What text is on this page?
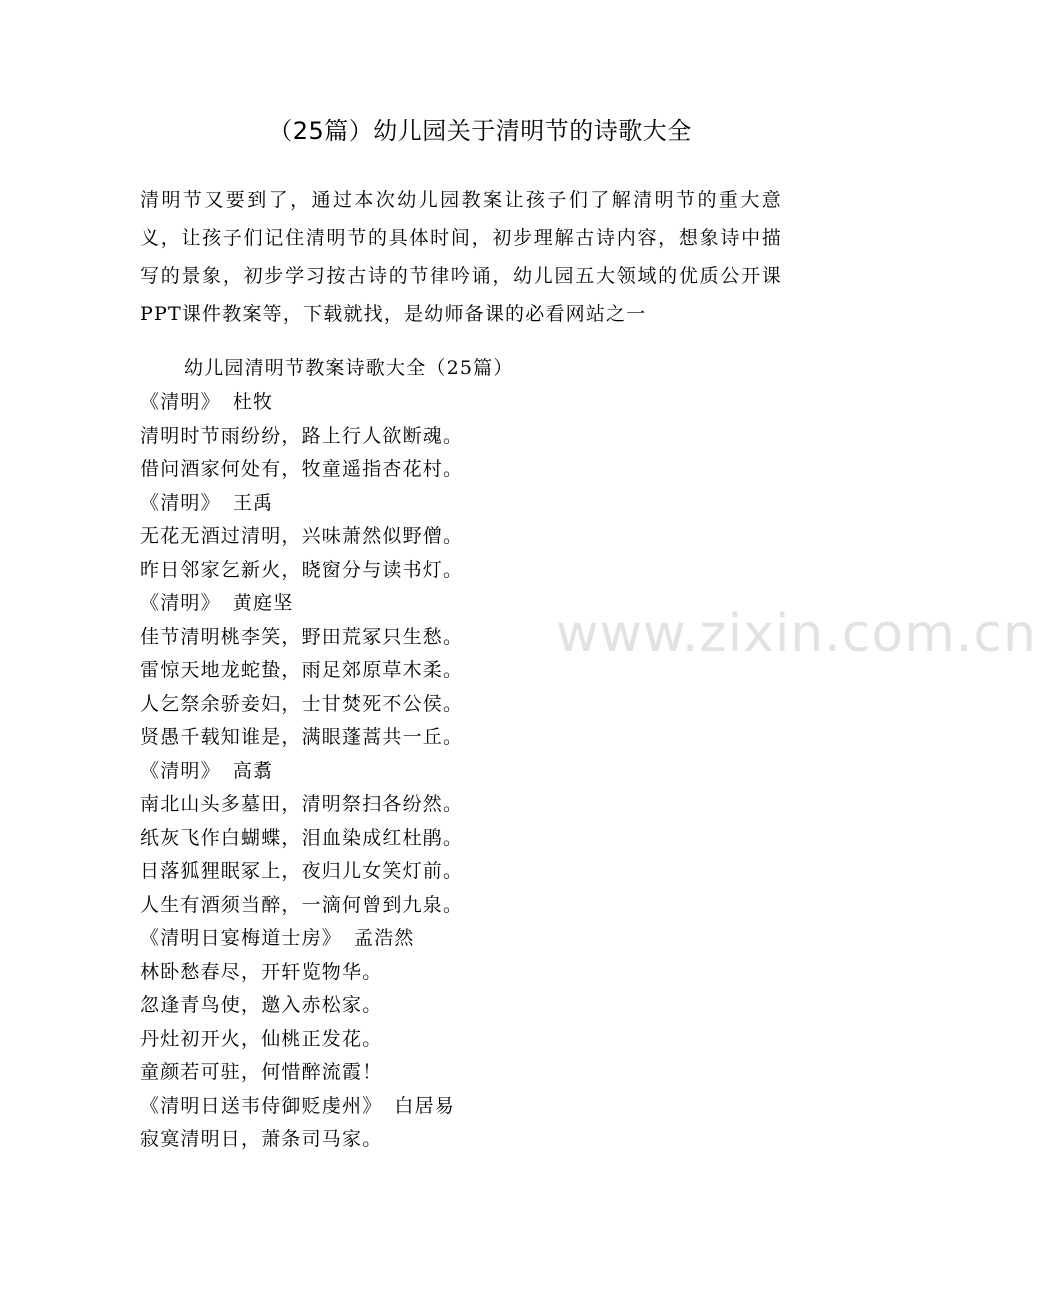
（25篇）幼儿园关于清明节的诗歌大全

清明节又要到了，通过本次幼儿园教案让孩子们了解清明节的重大意义，让孩子们记住清明节的具体时间，初步理解古诗内容，想象诗中描写的景象，初步学习按古诗的节律吟诵，幼儿园五大领域的优质公开课PPT课件教案等，下载就找，是幼师备课的必看网站之一

幼儿园清明节教案诗歌大全（25篇）

《清明》 杜牧
清明时节雨纷纷，路上行人欲断魂。
借问酒家何处有，牧童遥指杏花村。
《清明》 王禹
无花无酒过清明，兴味萧然似野僧。
昨日邻家乞新火，晓窗分与读书灯。
《清明》 黄庭坚
佳节清明桃李笑，野田荒冢只生愁。
雷惊天地龙蛇蛰，雨足郊原草木柔。
人乞祭余骄妾妇，士甘焚死不公侯。
贤愚千载知谁是，满眼蓬蒿共一丘。
《清明》 高翥
南北山头多墓田，清明祭扫各纷然。
纸灰飞作白蝴蝶，泪血染成红杜鹃。
日落狐狸眠冢上，夜归儿女笑灯前。
人生有酒须当醉，一滴何曾到九泉。
《清明日宴梅道士房》 孟浩然
林卧愁春尽，开轩览物华。
忽逢青鸟使，邀入赤松家。
丹灶初开火，仙桃正发花。
童颜若可驻，何惜醉流霞！
《清明日送韦侍御贬虔州》 白居易
寂寞清明日，萧条司马家。
www.zixin.com.cn
